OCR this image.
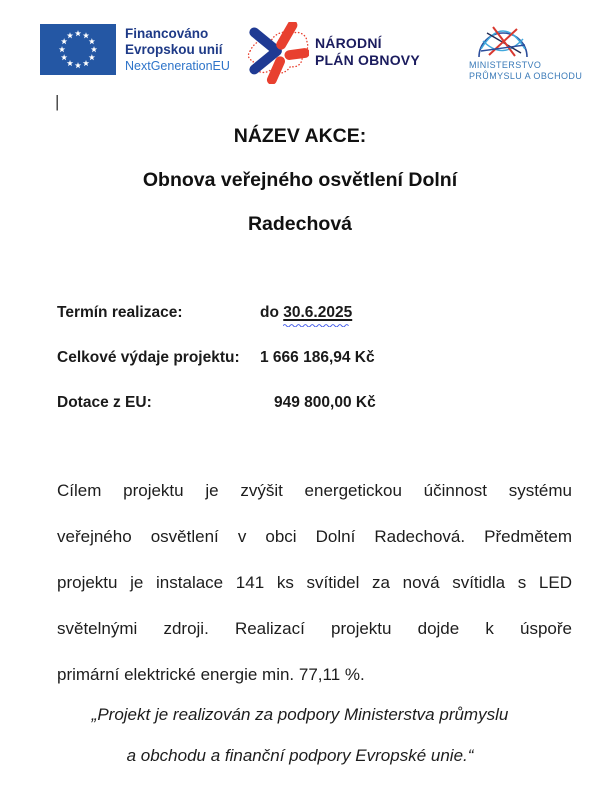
Financováno
Evropskou unií
NextGenerationEU
NÁRODNÍ
PLÁN OBNOVY	MINISTERSTVO
PRŮMYSLU A OBCHODU
|
NÁZEV AKCE:
Obnova veřejného osvětlení Dolní
Radechová
Termín realizace:	do 30.6.2025
Celkové výdaje projektu: 1 666 186,94 Kč
Dotace z EU:	949 800,00 Kč
Cílem projektu je zvýšit energetickou účinnost systému
veřejného osvětlení v obci Dolní Radechová. Předmětem
projektu je instalace 141 ks svítidel za nová svítidla s LED
světelnými zdroji. Realizací projektu dojde k úspoře
primární elektrické energie min. 77,11 %.
„Projekt je realizován za podpory Ministerstva průmyslu
a obchodu a finanční podpory Evropské unie.“
